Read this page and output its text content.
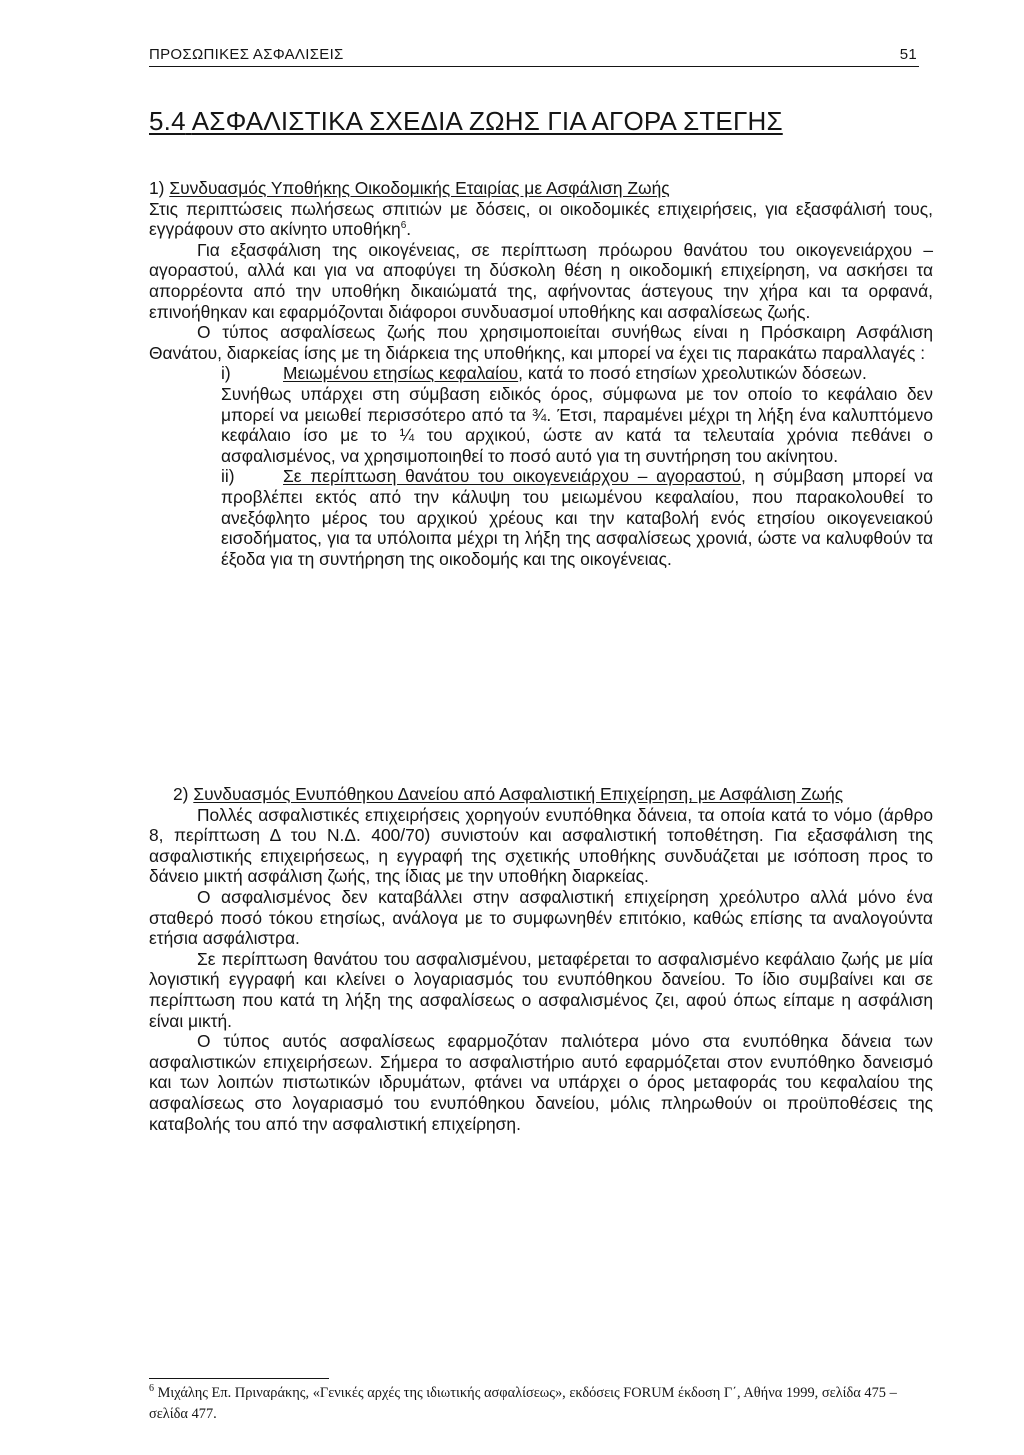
ΠΡΟΣΩΠΙΚΕΣ ΑΣΦΑΛΙΣΕΙΣ	51
5.4 ΑΣΦΑΛΙΣΤΙΚΑ ΣΧΕΔΙΑ ΖΩΗΣ ΓΙΑ ΑΓΟΡΑ ΣΤΕΓΗΣ

1) Συνδυασμός Υποθήκης Οικοδομικής Εταιρίας με Ασφάλιση Ζωής

Στις περιπτώσεις πωλήσεως σπιτιών με δόσεις, οι οικοδομικές επιχειρήσεις, για εξασφάλισή τους, εγγράφουν στο ακίνητο υποθήκη$^6$.

Για εξασφάλιση της οικογένειας, σε περίπτωση πρόωρου θανάτου του οικογενειάρχου – αγοραστού, αλλά και για να αποφύγει τη δύσκολη θέση η οικοδομική επιχείρηση, να ασκήσει τα απορρέοντα από την υποθήκη δικαιώματά της, αφήνοντας άστεγους την χήρα και τα ορφανά, επινοήθηκαν και εφαρμόζονται διάφοροι συνδυασμοί υποθήκης και ασφαλίσεως ζωής.

Ο τύπος ασφαλίσεως ζωής που χρησιμοποιείται συνήθως είναι η Πρόσκαιρη Ασφάλιση Θανάτου, διαρκείας ίσης με τη διάρκεια της υποθήκης, και μπορεί να έχει τις παρακάτω παραλλαγές :

i)	Μειωμένου ετησίως κεφαλαίου, κατά το ποσό ετησίων χρεολυτικών δόσεων.

Συνήθως υπάρχει στη σύμβαση ειδικός όρος, σύμφωνα με τον οποίο το κεφάλαιο δεν μπορεί να μειωθεί περισσότερο από τα ¾. Έτσι, παραμένει μέχρι τη λήξη ένα καλυπτόμενο κεφάλαιο ίσο με το ¼ του αρχικού, ώστε αν κατά τα τελευταία χρόνια πεθάνει ο ασφαλισμένος, να χρησιμοποιηθεί το ποσό αυτό για τη συντήρηση του ακίνητου.

ii)	Σε περίπτωση θανάτου του οικογενειάρχου – αγοραστού, η σύμβαση μπορεί να προβλέπει εκτός από την κάλυψη του μειωμένου κεφαλαίου, που παρακολουθεί το ανεξόφλητο μέρος του αρχικού χρέους και την καταβολή ενός ετησίου οικογενειακού εισοδήματος, για τα υπόλοιπα μέχρι τη λήξη της ασφαλίσεως χρονιά, ώστε να καλυφθούν τα έξοδα για τη συντήρηση της οικοδομής και της οικογένειας.

2) Συνδυασμός Ενυπόθηκου Δανείου από Ασφαλιστική Επιχείρηση, με Ασφάλιση Ζωής

Πολλές ασφαλιστικές επιχειρήσεις χορηγούν ενυπόθηκα δάνεια, τα οποία κατά το νόμο (άρθρο 8, περίπτωση Δ του Ν.Δ. 400/70) συνιστούν και ασφαλιστική τοποθέτηση. Για εξασφάλιση της ασφαλιστικής επιχειρήσεως, η εγγραφή της σχετικής υποθήκης συνδυάζεται με ισόποση προς το δάνειο μικτή ασφάλιση ζωής, της ίδιας με την υποθήκη διαρκείας.

Ο ασφαλισμένος δεν καταβάλλει στην ασφαλιστική επιχείρηση χρεόλυτρο αλλά μόνο ένα σταθερό ποσό τόκου ετησίως, ανάλογα με το συμφωνηθέν επιτόκιο, καθώς επίσης τα αναλογούντα ετήσια ασφάλιστρα.

Σε περίπτωση θανάτου του ασφαλισμένου, μεταφέρεται το ασφαλισμένο κεφάλαιο ζωής με μία λογιστική εγγραφή και κλείνει ο λογαριασμός του ενυπόθηκου δανείου. Το ίδιο συμβαίνει και σε περίπτωση που κατά τη λήξη της ασφαλίσεως ο ασφαλισμένος ζει, αφού όπως είπαμε η ασφάλιση είναι μικτή.

Ο τύπος αυτός ασφαλίσεως εφαρμοζόταν παλιότερα μόνο στα ενυπόθηκα δάνεια των ασφαλιστικών επιχειρήσεων. Σήμερα το ασφαλιστήριο αυτό εφαρμόζεται στον ενυπόθηκο δανεισμό και των λοιπών πιστωτικών ιδρυμάτων, φτάνει να υπάρχει ο όρος μεταφοράς του κεφαλαίου της ασφαλίσεως στο λογαριασμό του ενυπόθηκου δανείου, μόλις πληρωθούν οι προϋποθέσεις της καταβολής του από την ασφαλιστική επιχείρηση.

$^6$ Μιχάλης Επ. Πριναράκης, «Γενικές αρχές της ιδιωτικής ασφαλίσεως», εκδόσεις FORUM έκδοση Γ΄, Αθήνα 1999, σελίδα 475 – σελίδα 477.
